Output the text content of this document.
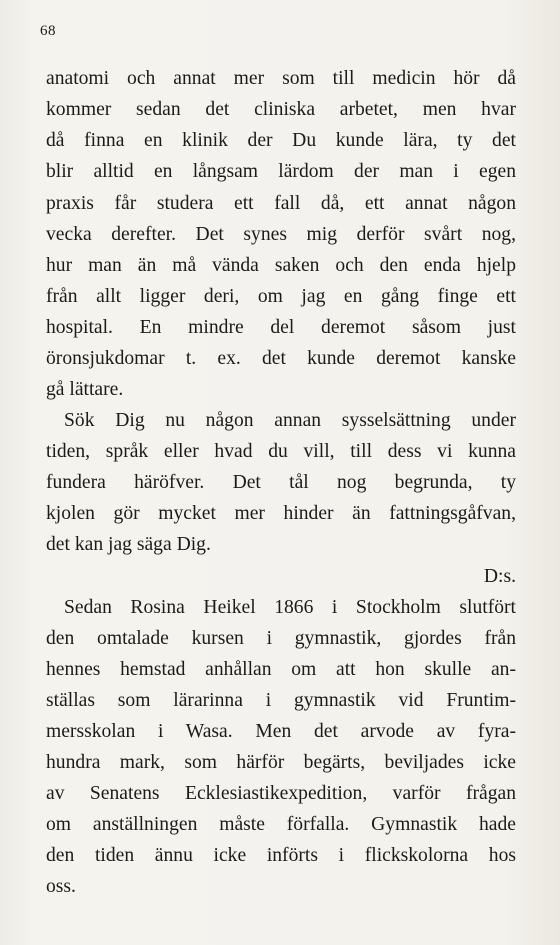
68
anatomi och annat mer som till medicin hör då
kommer sedan det cliniska arbetet, men hvar
då finna en klinik der Du kunde lära, ty det
blir alltid en långsam lärdom der man i egen
praxis får studera ett fall då, ett annat någon
vecka derefter. Det synes mig derför svårt nog,
hur man än må vända saken och den enda hjelp
från allt ligger deri, om jag en gång finge ett
hospital. En mindre del deremot såsom just
öronsjukdomar t. ex. det kunde deremot kanske
gå lättare.
Sök Dig nu någon annan sysselsättning under
tiden, språk eller hvad du vill, till dess vi kunna
fundera häröfver. Det tål nog begrunda, ty
kjolen gör mycket mer hinder än fattningsgåfvan,
det kan jag säga Dig.
D:s.
Sedan Rosina Heikel 1866 i Stockholm slutfört
den omtalade kursen i gymnastik, gjordes från
hennes hemstad anhållan om att hon skulle an-
ställas som lärarinna i gymnastik vid Fruntim-
mersskolan i Wasa. Men det arvode av fyra-
hundra mark, som härför begärts, beviljades icke
av Senatens Ecklesiastikexpedition, varför frågan
om anställningen måste förfalla. Gymnastik hade
den tiden ännu icke införts i flickskolorna hos
oss.
